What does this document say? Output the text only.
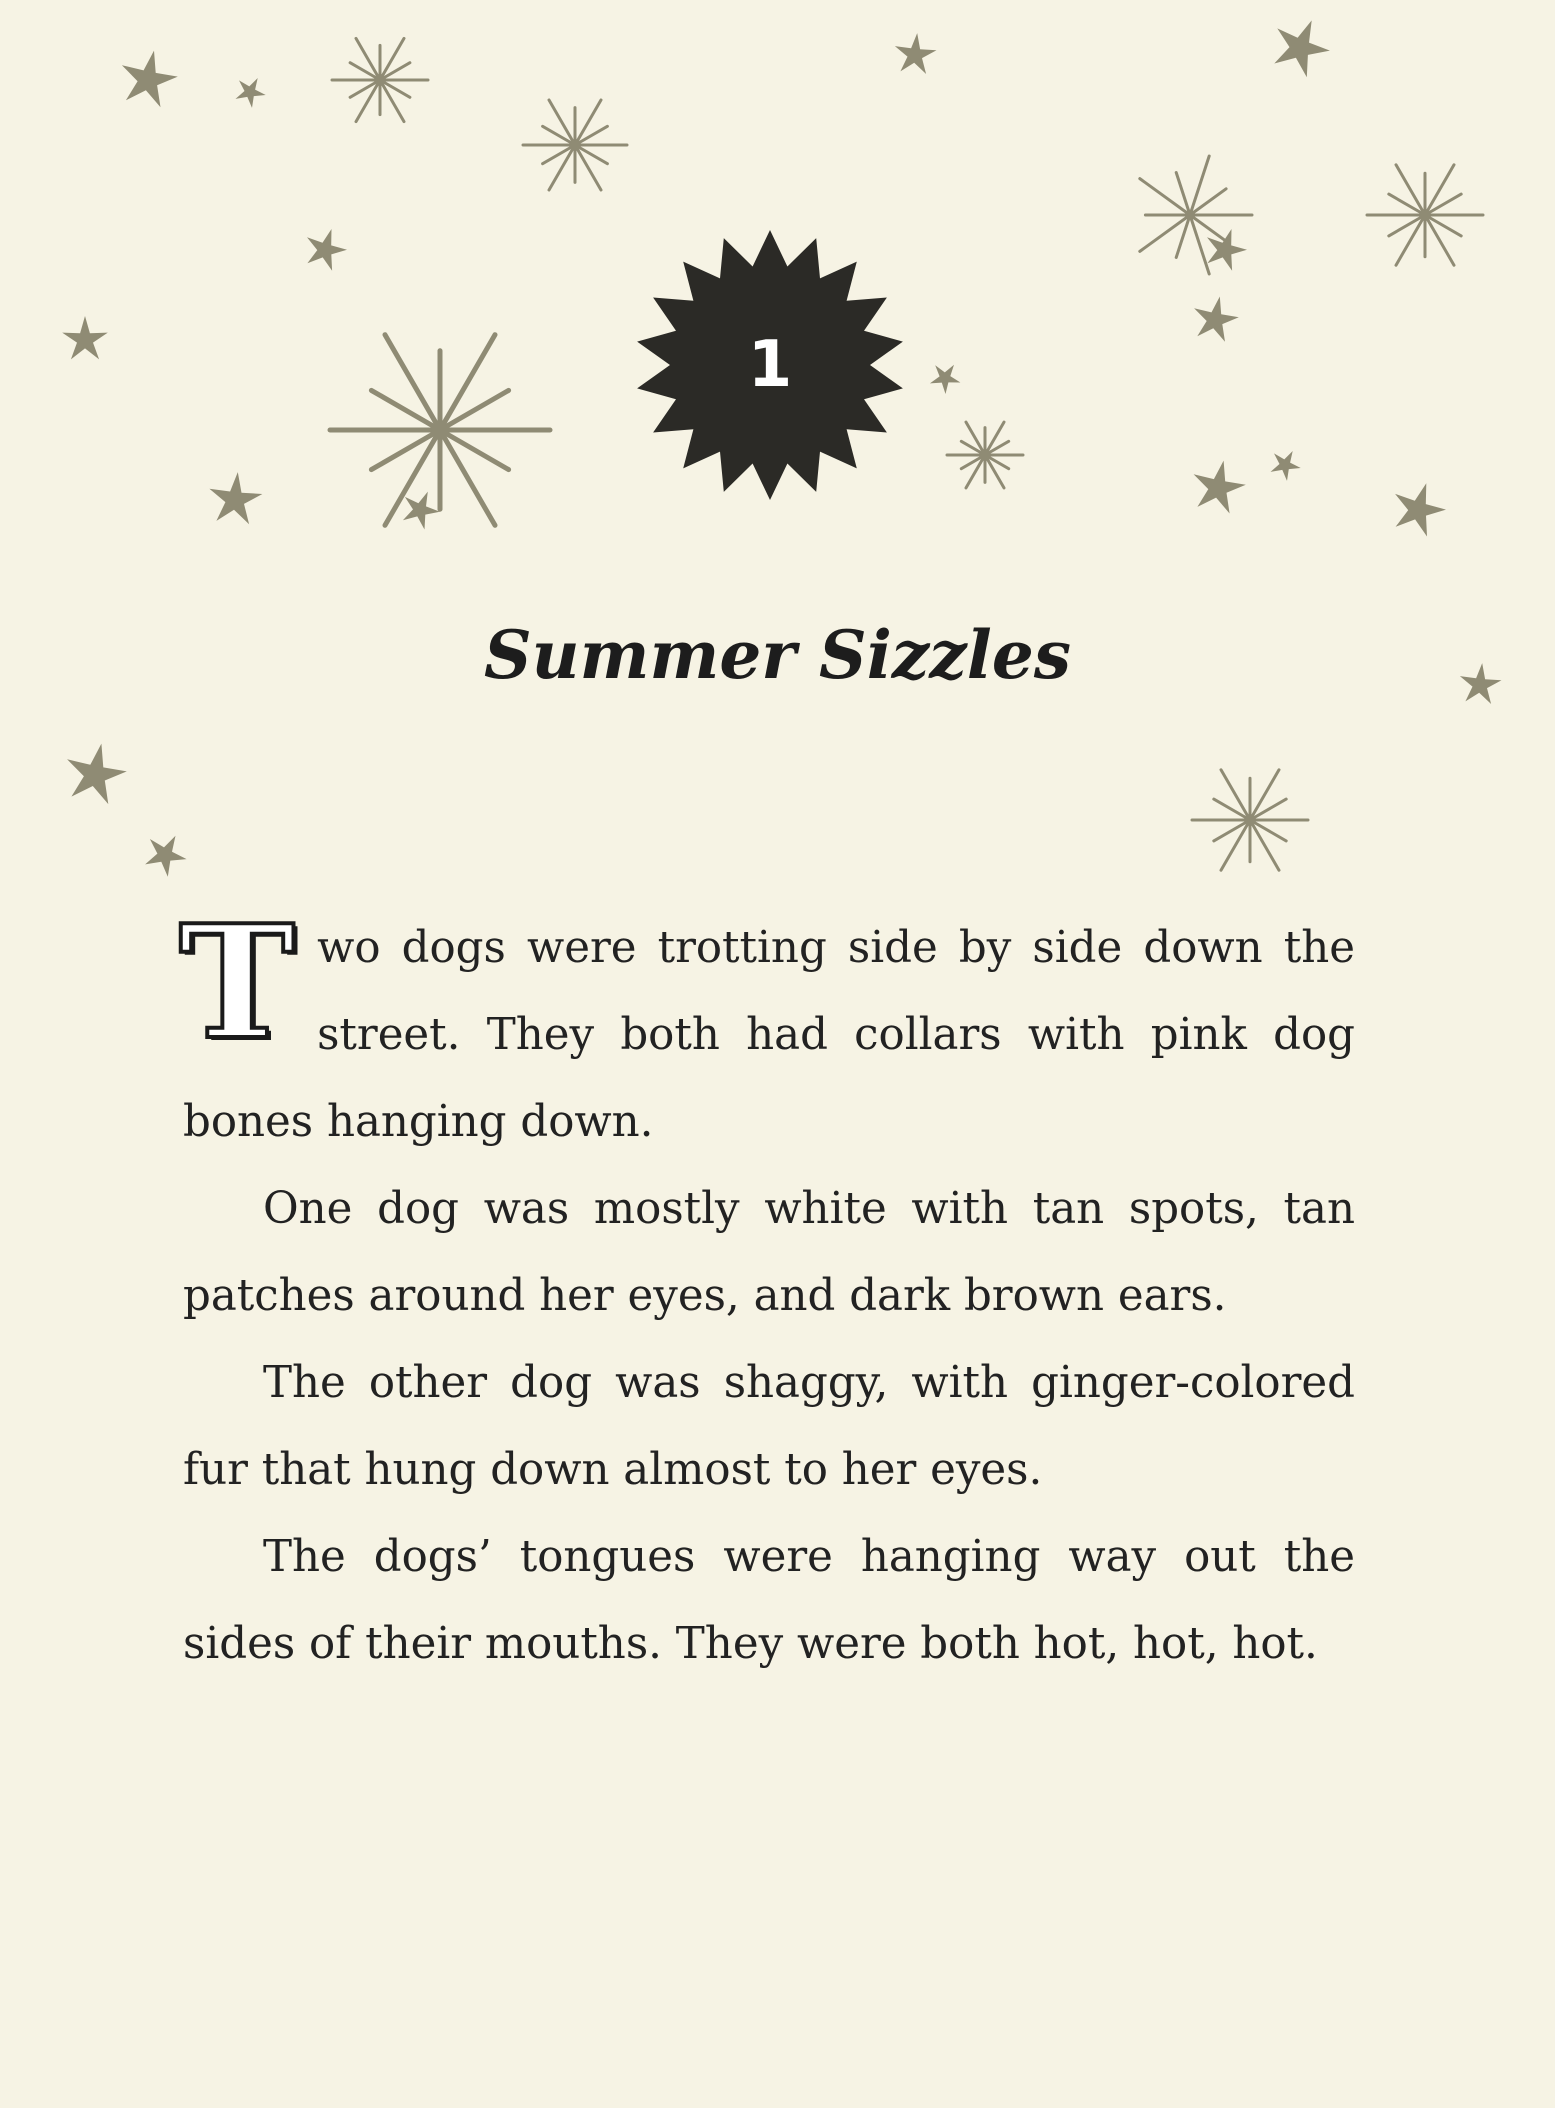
1
Summer Sizzles

Two dogs were trotting side by side down the street. They both had collars with pink dog bones hanging down.

One dog was mostly white with tan spots, tan patches around her eyes, and dark brown ears.

The other dog was shaggy, with ginger-colored fur that hung down almost to her eyes.

The dogs’ tongues were hanging way out the sides of their mouths. They were both hot, hot, hot.
